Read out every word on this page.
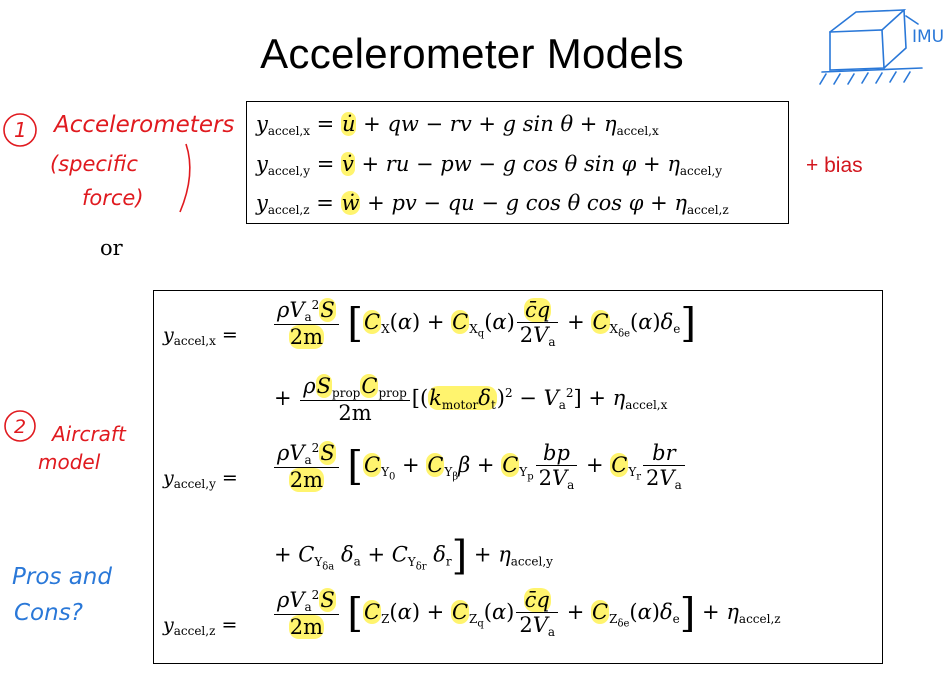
Accelerometer Models	IMU
$y_{accel,x}$ = u̇ + qw − rv + g $\sin \theta + \eta_{accel,x}$
$y_{accel,y}$ = v̇ + ru − pw − g cos θ $\sin \varphi + \eta_{accel,y}$
$y_{accel,z}$ = ẇ + pv − qu − g cos θ $\cos \varphi + \eta_{accel,z}$
+ bias
1 Accelerometers
(specific
force)
or
$y_{accel,x} = \frac{\rho V_a^2S}{2m} [C_X(\alpha) + C_{X_q}(\alpha) \frac{c̄q}{2V_a} + C_{X_{\delta e}}(\alpha)\delta_e]$
+ $\frac{\rho S_{prop}C_{prop}}{2m} [(k_{motor}\delta_t)^2 - V_a^2] + \eta_{accel,x}$
$y_{accel,y} = \frac{\rho V_a^2S}{2m} [C_{Y_0} + C_{Y_\beta}\beta + C_{Y_p} \frac{bp}{2V_a} + C_{Y_r} \frac{br}{2V_a}$
+ $C_{Y_{\delta a}}$ $\delta_a + C_{Y_{\delta r}}$ $\delta_r] + \eta_{accel,y}$
$y_{accel,z} = \frac{\rho V_a^2S}{2m} [C_Z(\alpha) + C_{Z_q}(\alpha) \frac{c̄q}{2V_a} + C_{Z_{\delta e}}(\alpha)\delta_e] + \eta_{accel,z}$
2 Aircraft
model
Pros and
Cons?
